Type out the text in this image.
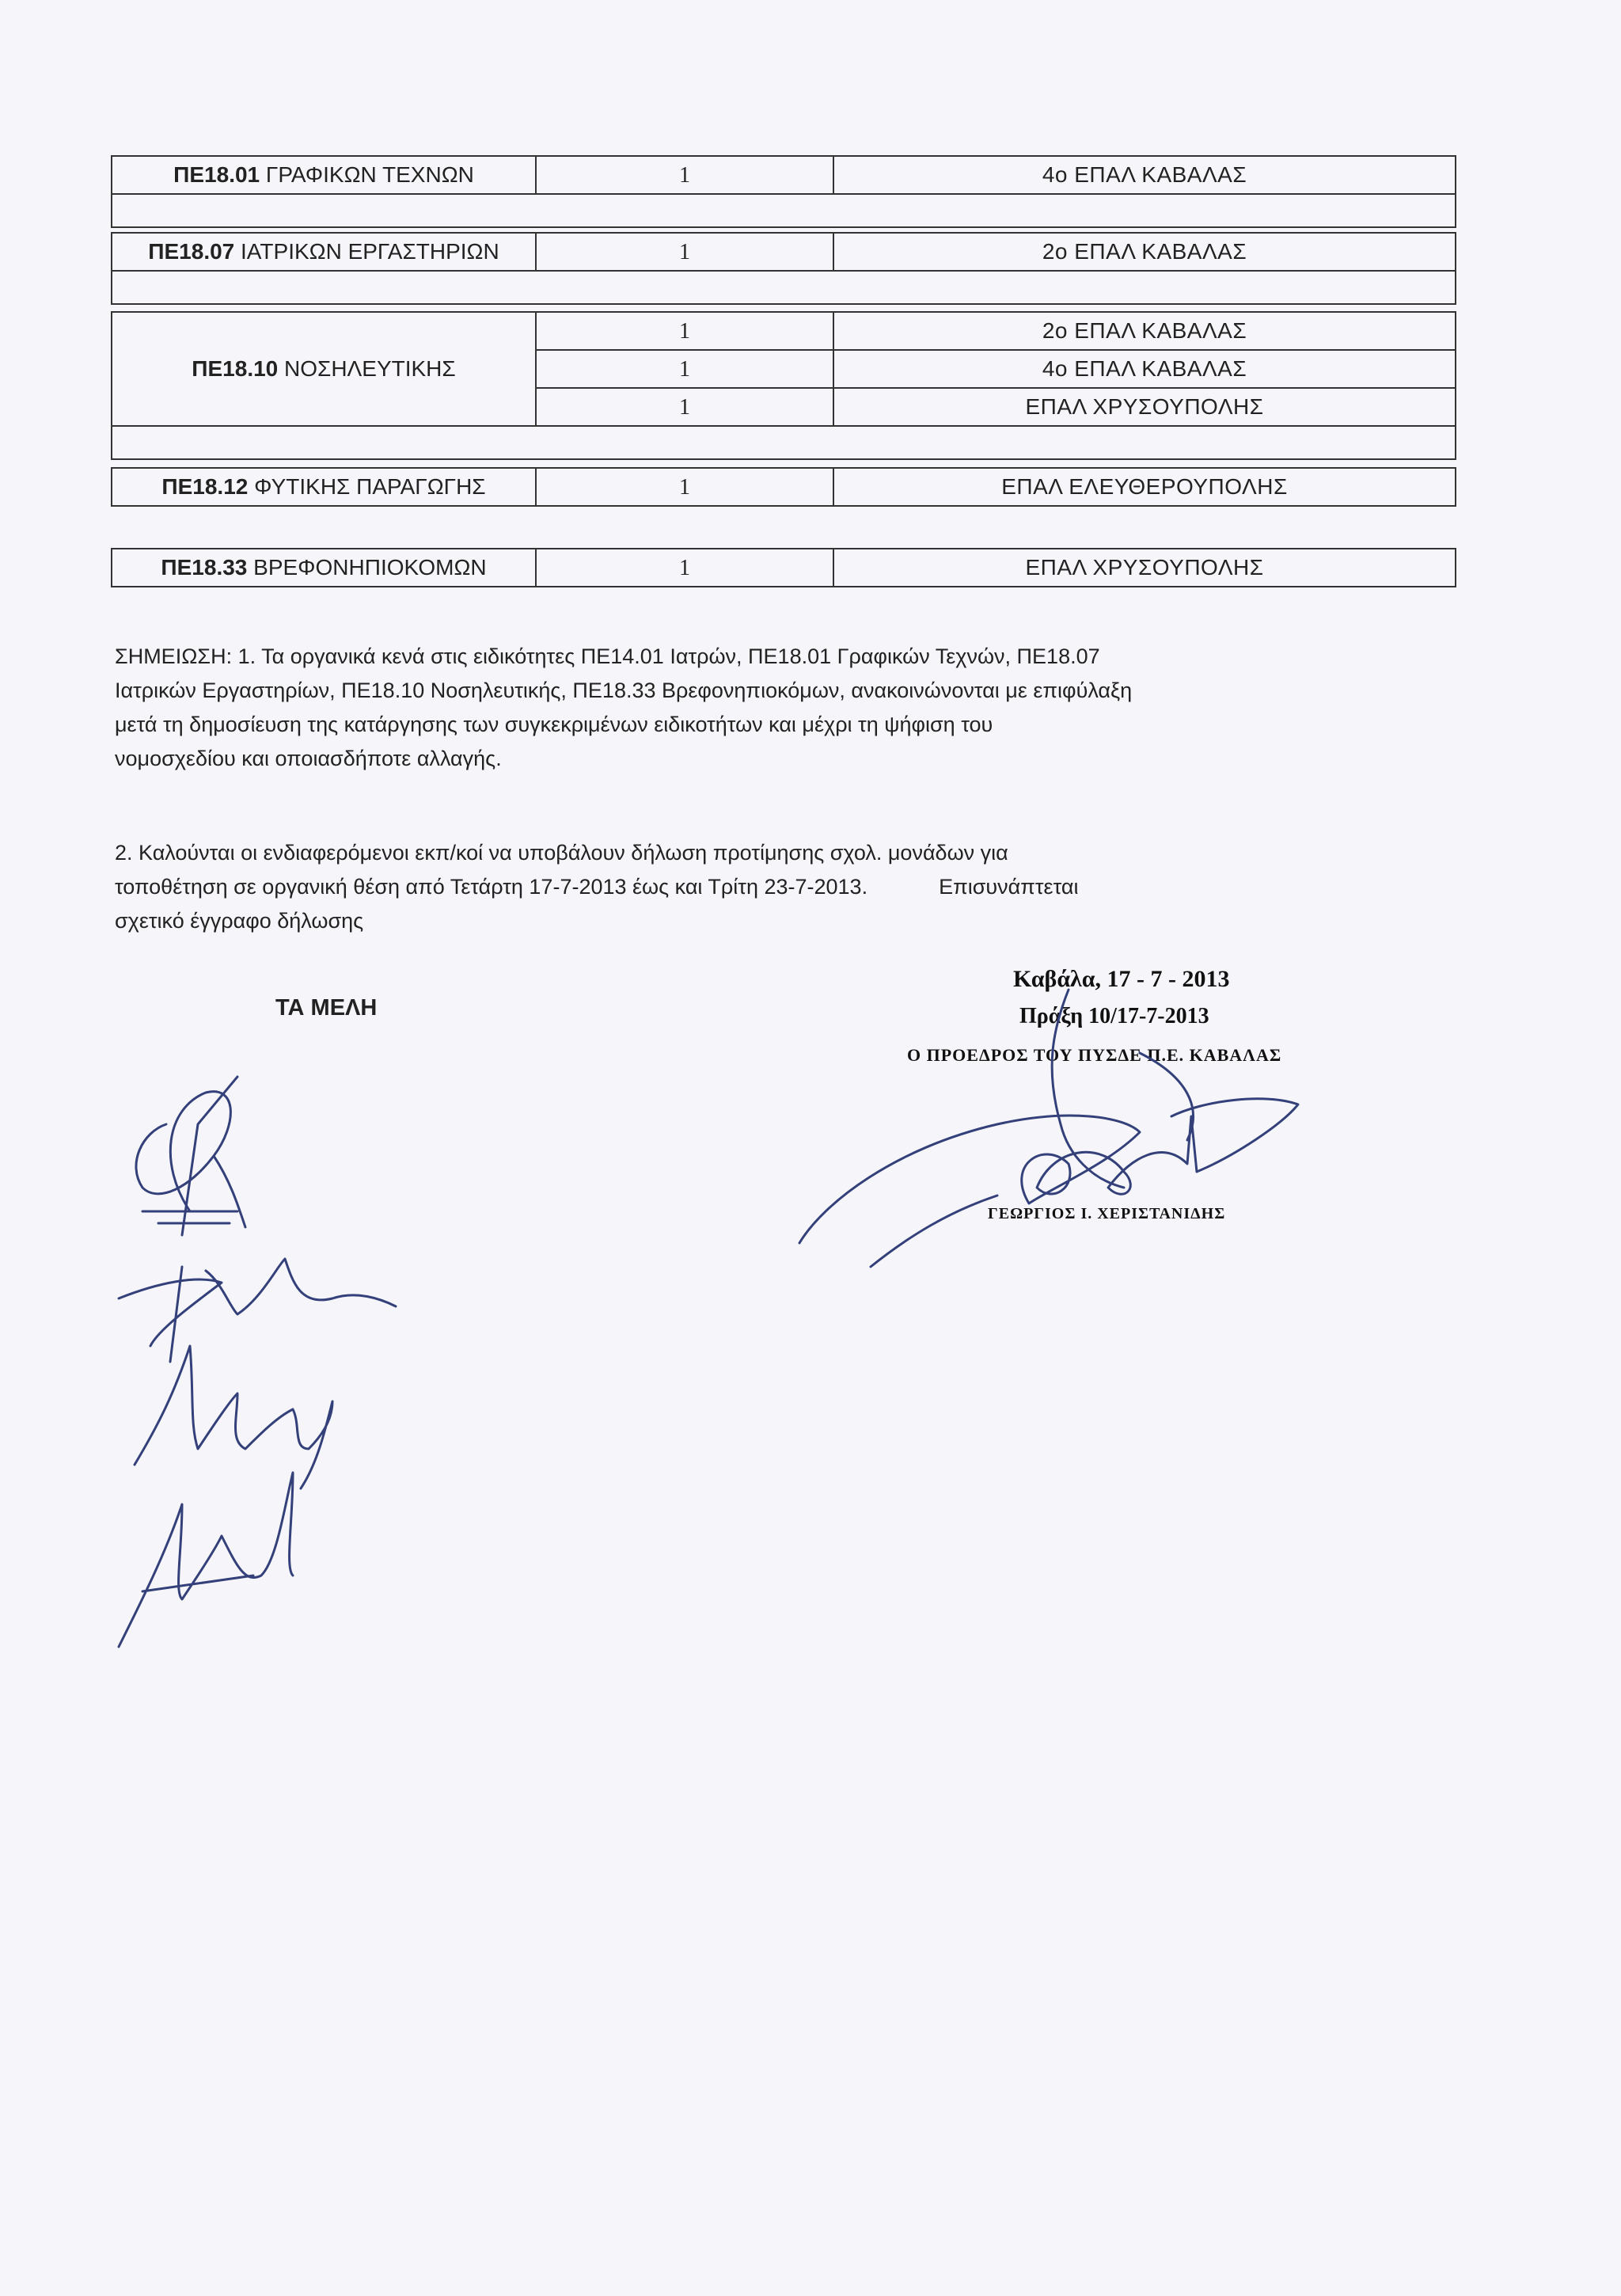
ΠΕ18.01 ΓΡΑΦΙΚΩΝ ΤΕΧΝΩΝ	1	4ο ΕΠΑΛ ΚΑΒΑΛΑΣ

ΠΕ18.07 ΙΑΤΡΙΚΩΝ ΕΡΓΑΣΤΗΡΙΩΝ	1	2ο ΕΠΑΛ ΚΑΒΑΛΑΣ

ΠΕ18.10 ΝΟΣΗΛΕΥΤΙΚΗΣ	1	2ο ΕΠΑΛ ΚΑΒΑΛΑΣ
	1	4ο ΕΠΑΛ ΚΑΒΑΛΑΣ
	1	ΕΠΑΛ ΧΡΥΣΟΥΠΟΛΗΣ

ΠΕ18.12 ΦΥΤΙΚΗΣ ΠΑΡΑΓΩΓΗΣ	1	ΕΠΑΛ ΕΛΕΥΘΕΡΟΥΠΟΛΗΣ
ΠΕ18.33 ΒΡΕΦΟΝΗΠΙΟΚΟΜΩΝ	1	ΕΠΑΛ ΧΡΥΣΟΥΠΟΛΗΣ

ΣΗΜΕΙΩΣΗ: 1. Τα οργανικά κενά στις ειδικότητες ΠΕ14.01 Ιατρών, ΠΕ18.01 Γραφικών Τεχνών, ΠΕ18.07

Ιατρικών Εργαστηρίων, ΠΕ18.10 Νοσηλευτικής, ΠΕ18.33 Βρεφονηπιοκόμων, ανακοινώνονται με επιφύλαξη

μετά τη δημοσίευση της κατάργησης των συγκεκριμένων ειδικοτήτων και μέχρι τη ψήφιση του

νομοσχεδίου και οποιασδήποτε αλλαγής.

2. Καλούνται οι ενδιαφερόμενοι εκπ/κοί να υποβάλουν δήλωση προτίμησης σχολ. μονάδων για

τοποθέτηση σε οργανική θέση από Τετάρτη 17-7-2013 έως και Τρίτη 23-7-2013.	Επισυνάπτεται

σχετικό έγγραφο δήλωσης

ΤΑ ΜΕΛΗ
Καβάλα, 17 - 7 - 2013
Πράξη 10/17-7-2013
Ο ΠΡΟΕΔΡΟΣ ΤΟΥ ΠΥΣΔΕ Π.Ε. ΚΑΒΑΛΑΣ
ΓΕΩΡΓΙΟΣ Ι. ΧΕΡΙΣΤΑΝΙΔΗΣ
